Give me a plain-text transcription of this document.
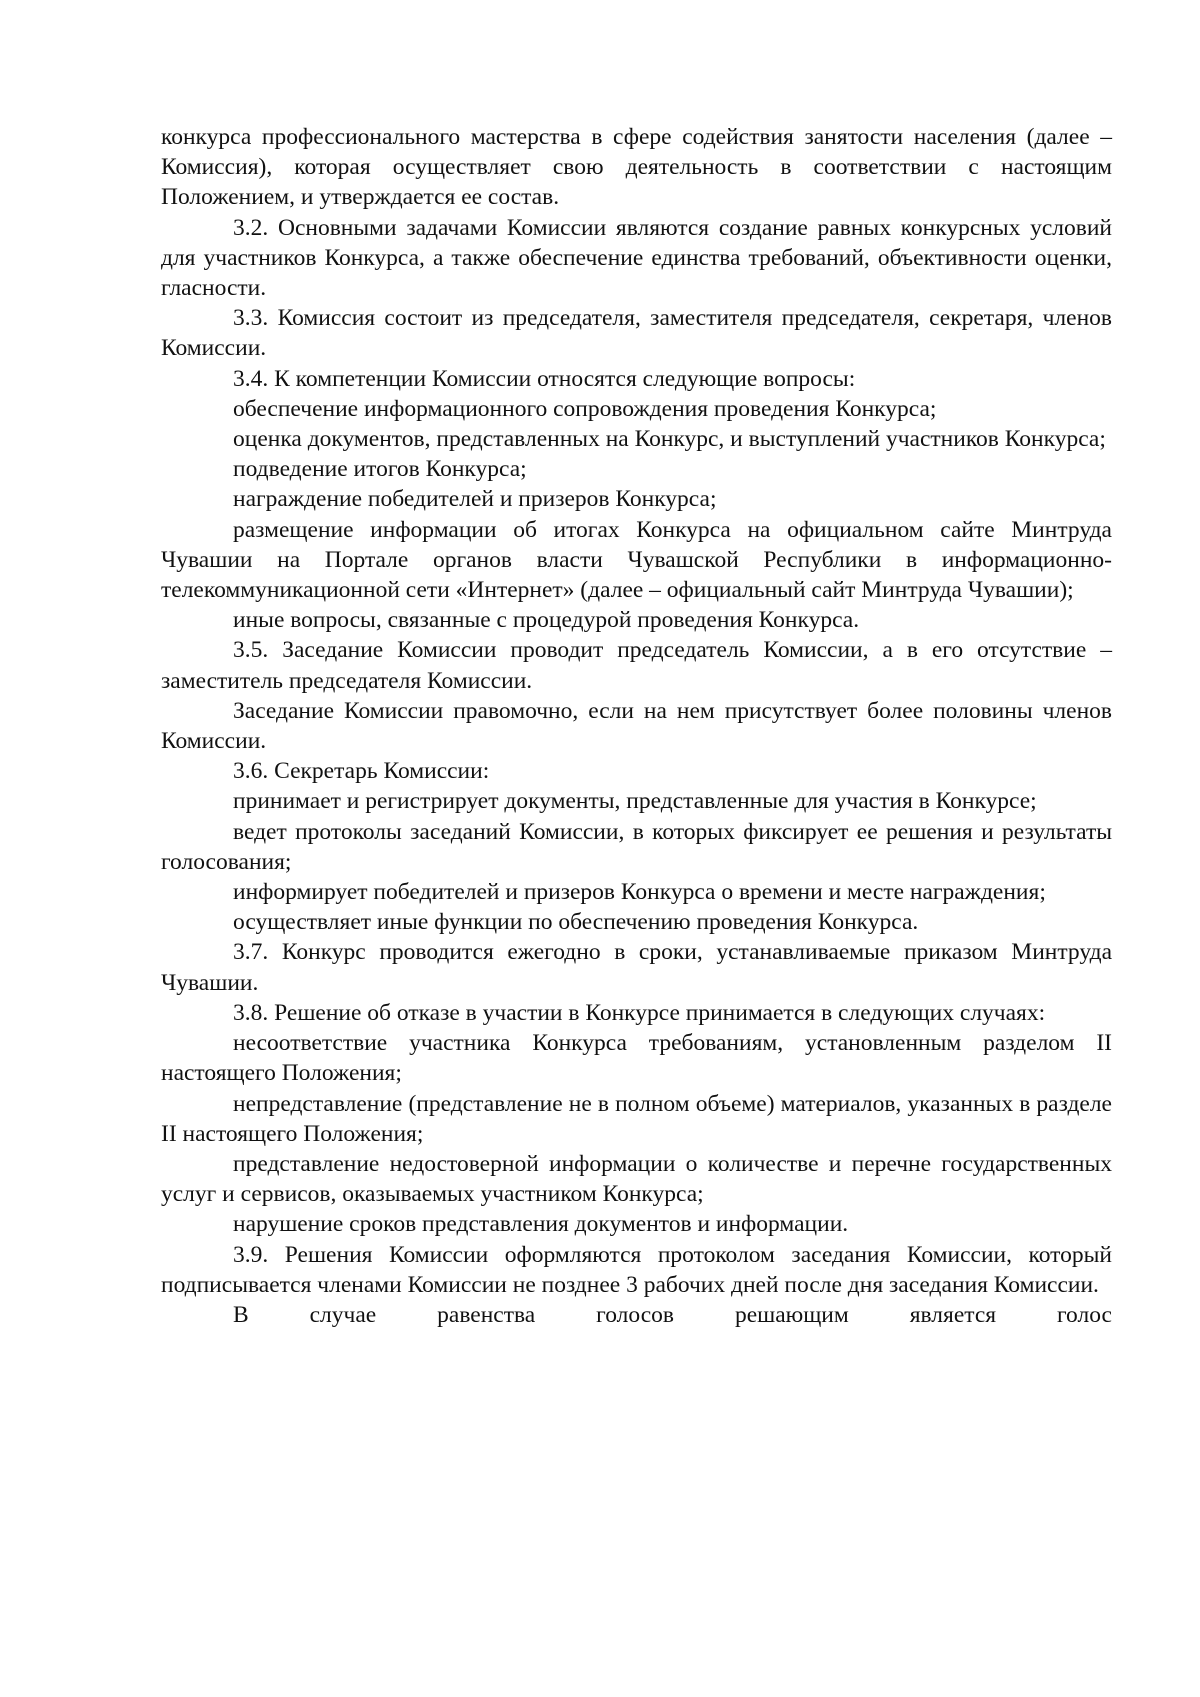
конкурса профессионального мастерства в сфере содействия занятости населения (далее – Комиссия), которая осуществляет свою деятельность в соответствии с настоящим Положением, и утверждается ее состав.

3.2. Основными задачами Комиссии являются создание равных конкурсных условий для участников Конкурса, а также обеспечение единства требований, объективности оценки, гласности.

3.3. Комиссия состоит из председателя, заместителя председателя, секретаря, членов Комиссии.

3.4. К компетенции Комиссии относятся следующие вопросы:

обеспечение информационного сопровождения проведения Конкурса;

оценка документов, представленных на Конкурс, и выступлений участников Конкурса;

подведение итогов Конкурса;

награждение победителей и призеров Конкурса;

размещение информации об итогах Конкурса на официальном сайте Минтруда Чувашии на Портале органов власти Чувашской Республики в информационно-телекоммуникационной сети «Интернет» (далее – официальный сайт Минтруда Чувашии);

иные вопросы, связанные с процедурой проведения Конкурса.

3.5. Заседание Комиссии проводит председатель Комиссии, а в его отсутствие – заместитель председателя Комиссии.

Заседание Комиссии правомочно, если на нем присутствует более половины членов Комиссии.

3.6. Секретарь Комиссии:

принимает и регистрирует документы, представленные для участия в Конкурсе;

ведет протоколы заседаний Комиссии, в которых фиксирует ее решения и результаты голосования;

информирует победителей и призеров Конкурса о времени и месте награждения;

осуществляет иные функции по обеспечению проведения Конкурса.

3.7. Конкурс проводится ежегодно в сроки, устанавливаемые приказом Минтруда Чувашии.

3.8. Решение об отказе в участии в Конкурсе принимается в следующих случаях:

несоответствие участника Конкурса требованиям, установленным разделом II настоящего Положения;

непредставление (представление не в полном объеме) материалов, указанных в разделе II настоящего Положения;

представление недостоверной информации о количестве и перечне государственных услуг и сервисов, оказываемых участником Конкурса;

нарушение сроков представления документов и информации.

3.9. Решения Комиссии оформляются протоколом заседания Комиссии, который подписывается членами Комиссии не позднее 3 рабочих дней после дня заседания Комиссии.

В случае равенства голосов решающим является голос
